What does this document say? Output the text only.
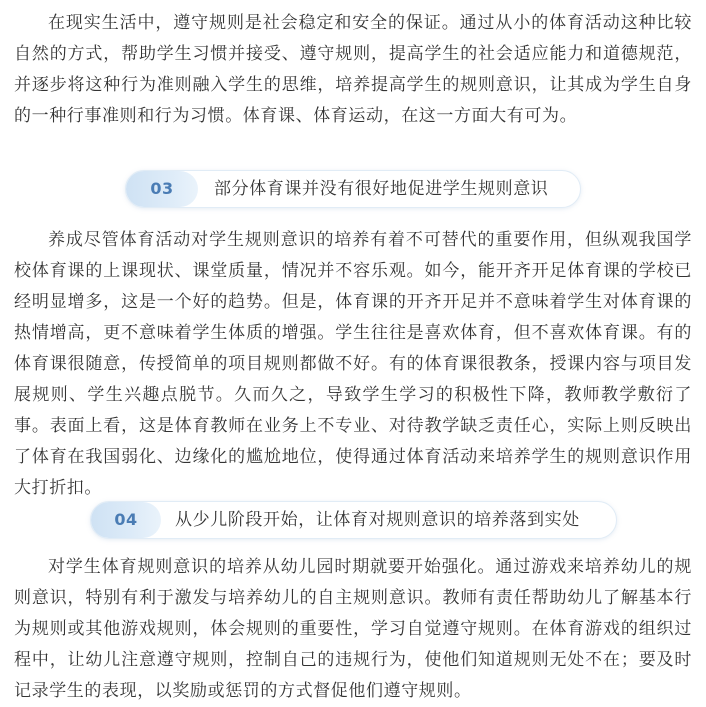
在现实生活中，遵守规则是社会稳定和安全的保证。通过从小的体育活动这种比较自然的方式，帮助学生习惯并接受、遵守规则，提高学生的社会适应能力和道德规范，并逐步将这种行为准则融入学生的思维，培养提高学生的规则意识，让其成为学生自身的一种行事准则和行为习惯。体育课、体育运动，在这一方面大有可为。

03	部分体育课并没有很好地促进学生规则意识

养成尽管体育活动对学生规则意识的培养有着不可替代的重要作用，但纵观我国学校体育课的上课现状、课堂质量，情况并不容乐观。如今，能开齐开足体育课的学校已经明显增多，这是一个好的趋势。但是，体育课的开齐开足并不意味着学生对体育课的热情增高，更不意味着学生体质的增强。学生往往是喜欢体育，但不喜欢体育课。有的体育课很随意，传授简单的项目规则都做不好。有的体育课很教条，授课内容与项目发展规则、学生兴趣点脱节。久而久之，导致学生学习的积极性下降，教师教学敷衍了事。表面上看，这是体育教师在业务上不专业、对待教学缺乏责任心，实际上则反映出了体育在我国弱化、边缘化的尴尬地位，使得通过体育活动来培养学生的规则意识作用大打折扣。

04	从少儿阶段开始，让体育对规则意识的培养落到实处

对学生体育规则意识的培养从幼儿园时期就要开始强化。通过游戏来培养幼儿的规则意识，特别有利于激发与培养幼儿的自主规则意识。教师有责任帮助幼儿了解基本行为规则或其他游戏规则，体会规则的重要性，学习自觉遵守规则。在体育游戏的组织过程中，让幼儿注意遵守规则，控制自己的违规行为，使他们知道规则无处不在；要及时记录学生的表现，以奖励或惩罚的方式督促他们遵守规则。
